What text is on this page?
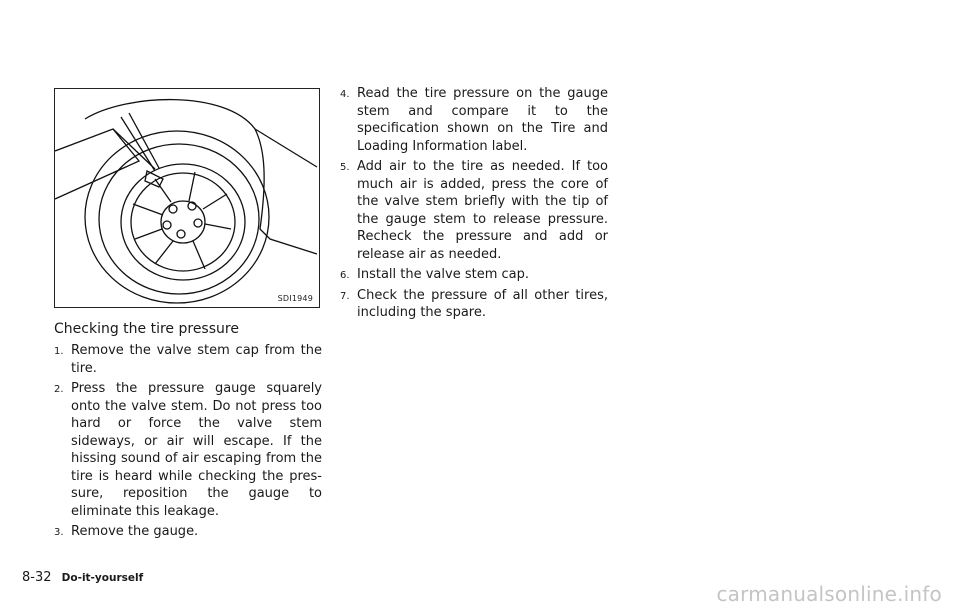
SDI1949
Checking the tire pressure
1. Remove the valve stem cap from the tire.
2. Press the pressure gauge squarely onto the valve stem. Do not press too hard or force the valve stem sideways, or air will escape. If the hissing sound of air escaping from the tire is heard while checking the pres-sure, reposition the gauge to eliminate this leakage.
3. Remove the gauge.
4. Read the tire pressure on the gauge stem and compare it to the specification shown on the Tire and Loading Information label.
5. Add air to the tire as needed. If too much air is added, press the core of the valve stem briefly with the tip of the gauge stem to release pressure. Recheck the pressure and add or release air as needed.
6. Install the valve stem cap.
7. Check the pressure of all other tires, including the spare.
8-32 Do-it-yourself
carmanualsonline.info
